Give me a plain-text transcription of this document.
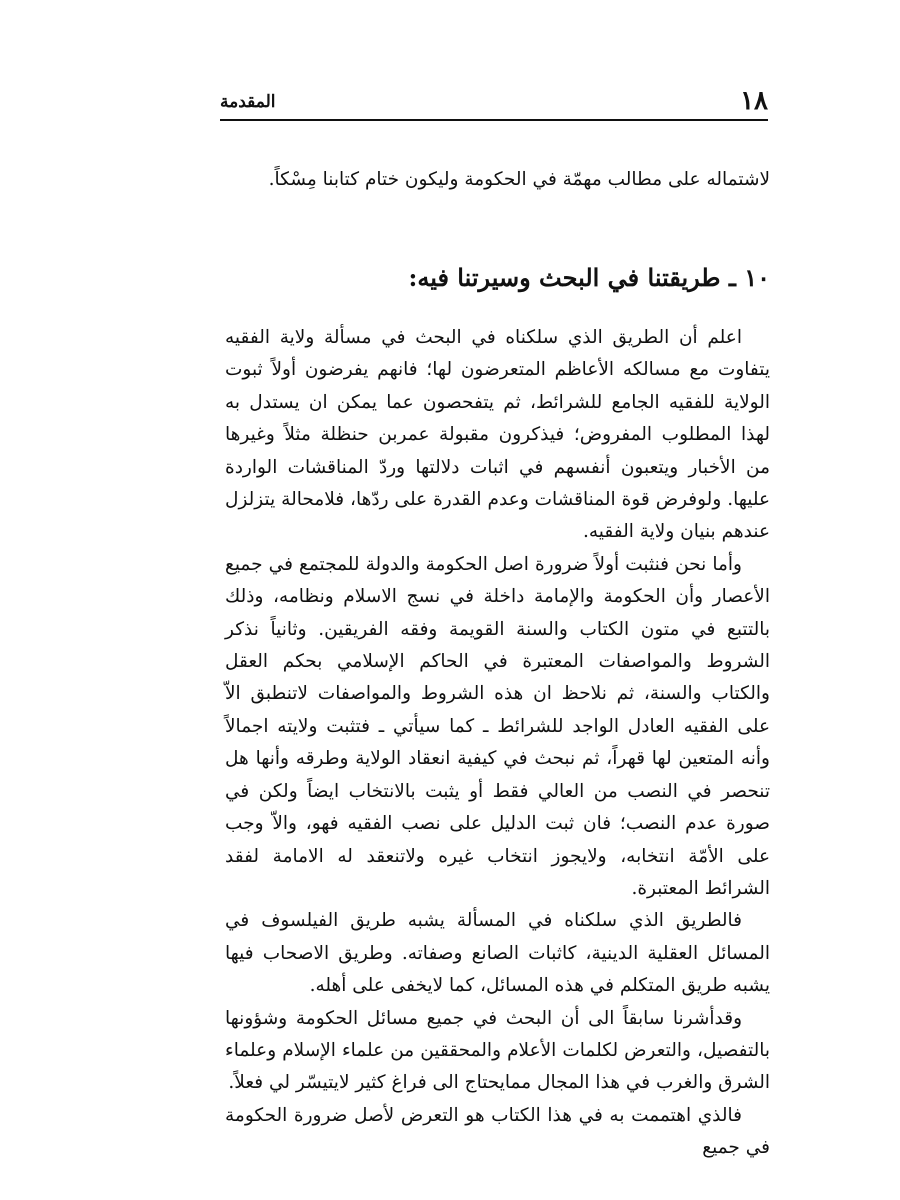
١٨
المقدمة

لاشتماله على مطالب مهمّة في الحكومة وليكون ختام كتابنا مِسْكاً.

١٠ ـ طريقتنا في البحث وسيرتنا فيه:

اعلم أن الطريق الذي سلكناه في البحث في مسألة ولاية الفقيه يتفاوت مع مسالكه الأعاظم المتعرضون لها؛ فانهم يفرضون أولاً ثبوت الولاية للفقيه الجامع للشرائط، ثم يتفحصون عما يمكن ان يستدل به لهذا المطلوب المفروض؛ فيذكرون مقبولة عمربن حنظلة مثلاً وغيرها من الأخبار ويتعبون أنفسهم في اثبات دلالتها وردّ المناقشات الواردة عليها. ولوفرض قوة المناقشات وعدم القدرة على ردّها، فلامحالة يتزلزل عندهم بنيان ولاية الفقيه.

وأما نحن فنثبت أولاً ضرورة اصل الحكومة والدولة للمجتمع في جميع الأعصار وأن الحكومة والإمامة داخلة في نسج الاسلام ونظامه، وذلك بالتتبع في متون الكتاب والسنة القويمة وفقه الفريقين. وثانياً نذكر الشروط والمواصفات المعتبرة في الحاكم الإسلامي بحكم العقل والكتاب والسنة، ثم نلاحظ ان هذه الشروط والمواصفات لاتنطبق الاّ على الفقيه العادل الواجد للشرائط ـ كما سيأتي ـ فتثبت ولايته اجمالاً وأنه المتعين لها قهراً، ثم نبحث في كيفية انعقاد الولاية وطرقه وأنها هل تنحصر في النصب من العالي فقط أو يثبت بالانتخاب ايضاً ولكن في صورة عدم النصب؛ فان ثبت الدليل على نصب الفقيه فهو، والاّ وجب على الأمّة انتخابه، ولايجوز انتخاب غيره ولاتنعقد له الامامة لفقد الشرائط المعتبرة.

فالطريق الذي سلكناه في المسألة يشبه طريق الفيلسوف في المسائل العقلية الدينية، كاثبات الصانع وصفاته. وطريق الاصحاب فيها يشبه طريق المتكلم في هذه المسائل، كما لايخفى على أهله.

وقدأشرنا سابقاً الى أن البحث في جميع مسائل الحكومة وشؤونها بالتفصيل، والتعرض لكلمات الأعلام والمحققين من علماء الإسلام وعلماء الشرق والغرب في هذا المجال ممايحتاج الى فراغ كثير لايتيسّر لي فعلاً.

فالذي اهتممت به في هذا الكتاب هو التعرض لأصل ضرورة الحكومة في جميع
